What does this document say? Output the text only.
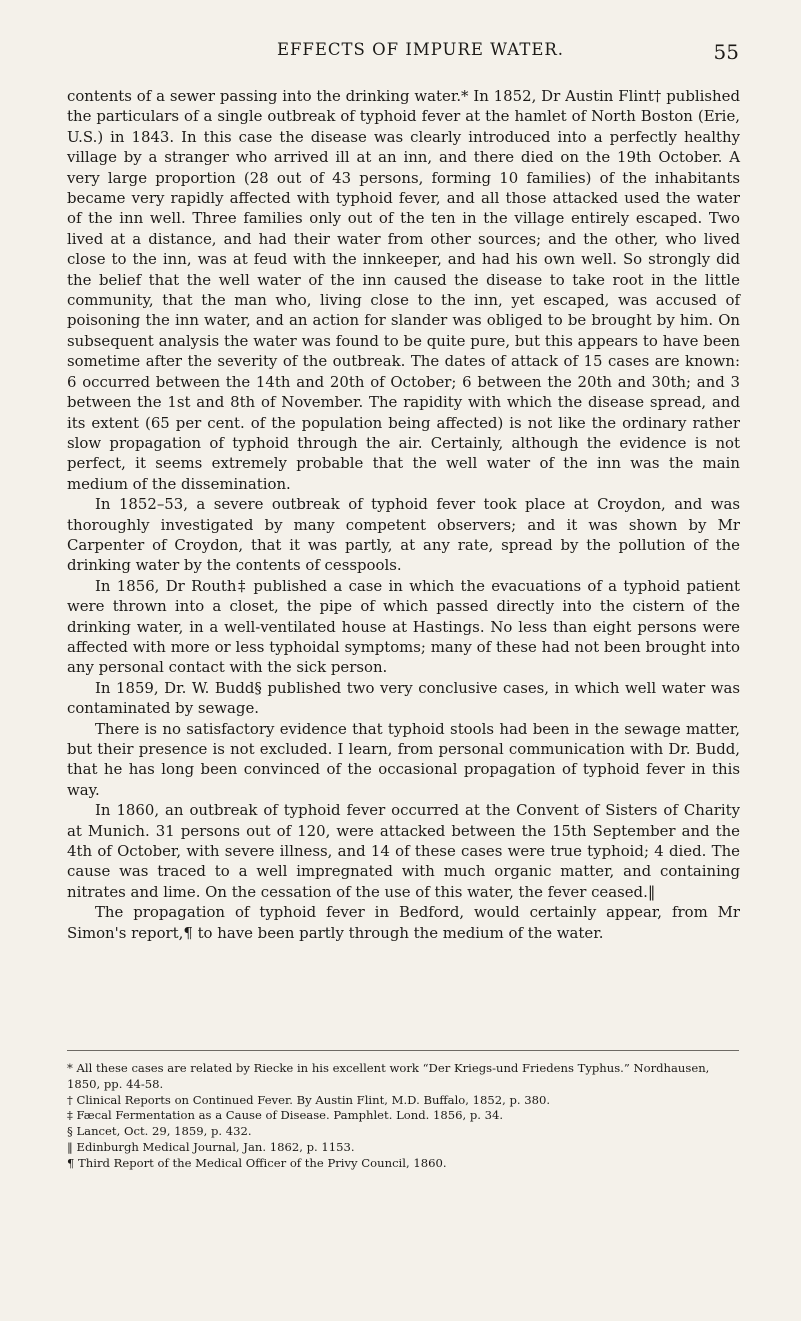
EFFECTS OF IMPURE WATER.	55

contents of a sewer passing into the drinking water.* In 1852, Dr Austin Flint† published the particulars of a single outbreak of typhoid fever at the hamlet of North Boston (Erie, U.S.) in 1843. In this case the disease was clearly introduced into a perfectly healthy village by a stranger who arrived ill at an inn, and there died on the 19th October. A very large proportion (28 out of 43 persons, forming 10 families) of the inhabitants became very rapidly affected with typhoid fever, and all those attacked used the water of the inn well. Three families only out of the ten in the village entirely escaped. Two lived at a distance, and had their water from other sources; and the other, who lived close to the inn, was at feud with the innkeeper, and had his own well. So strongly did the belief that the well water of the inn caused the disease to take root in the little community, that the man who, living close to the inn, yet escaped, was accused of poisoning the inn water, and an action for slander was obliged to be brought by him. On subsequent analysis the water was found to be quite pure, but this appears to have been sometime after the severity of the outbreak. The dates of attack of 15 cases are known: 6 occurred between the 14th and 20th of October; 6 between the 20th and 30th; and 3 between the 1st and 8th of November. The rapidity with which the disease spread, and its extent (65 per cent. of the population being affected) is not like the ordinary rather slow propagation of typhoid through the air. Certainly, although the evidence is not perfect, it seems extremely probable that the well water of the inn was the main medium of the dissemination.

In 1852–53, a severe outbreak of typhoid fever took place at Croydon, and was thoroughly investigated by many competent observers; and it was shown by Mr Carpenter of Croydon, that it was partly, at any rate, spread by the pollution of the drinking water by the contents of cesspools.

In 1856, Dr Routh‡ published a case in which the evacuations of a typhoid patient were thrown into a closet, the pipe of which passed directly into the cistern of the drinking water, in a well-ventilated house at Hastings. No less than eight persons were affected with more or less typhoidal symptoms; many of these had not been brought into any personal contact with the sick person.

In 1859, Dr. W. Budd§ published two very conclusive cases, in which well water was contaminated by sewage.

There is no satisfactory evidence that typhoid stools had been in the sewage matter, but their presence is not excluded. I learn, from personal communication with Dr. Budd, that he has long been convinced of the occasional propagation of typhoid fever in this way.

In 1860, an outbreak of typhoid fever occurred at the Convent of Sisters of Charity at Munich. 31 persons out of 120, were attacked between the 15th September and the 4th of October, with severe illness, and 14 of these cases were true typhoid; 4 died. The cause was traced to a well impregnated with much organic matter, and containing nitrates and lime. On the cessation of the use of this water, the fever ceased.‖

The propagation of typhoid fever in Bedford, would certainly appear, from Mr Simon's report,¶ to have been partly through the medium of the water.

* All these cases are related by Riecke in his excellent work “Der Kriegs-und Friedens Typhus.” Nordhausen, 1850, pp. 44-58.
† Clinical Reports on Continued Fever. By Austin Flint, M.D. Buffalo, 1852, p. 380.
‡ Fæcal Fermentation as a Cause of Disease. Pamphlet. Lond. 1856, p. 34.
§ Lancet, Oct. 29, 1859, p. 432.
‖ Edinburgh Medical Journal, Jan. 1862, p. 1153.
¶ Third Report of the Medical Officer of the Privy Council, 1860.
